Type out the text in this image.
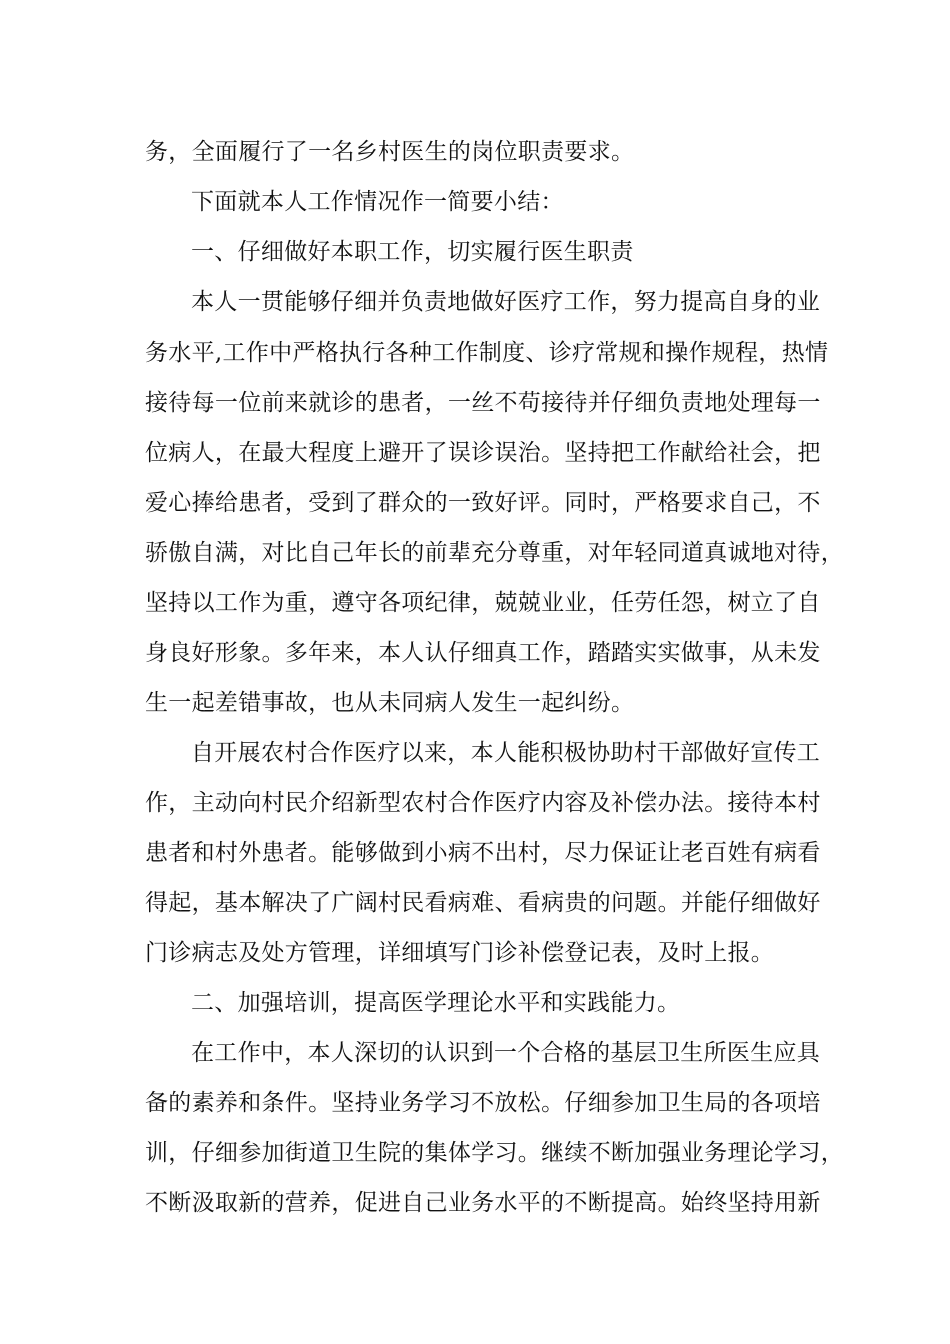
务，全面履行了一名乡村医生的岗位职责要求。
下面就本人工作情况作一简要小结：
一、仔细做好本职工作，切实履行医生职责
本人一贯能够仔细并负责地做好医疗工作，努力提高自身的业
务水平,工作中严格执行各种工作制度、诊疗常规和操作规程，热情
接待每一位前来就诊的患者，一丝不苟接待并仔细负责地处理每一
位病人，在最大程度上避开了误诊误治。坚持把工作献给社会，把
爱心捧给患者，受到了群众的一致好评。同时，严格要求自己，不
骄傲自满，对比自己年长的前辈充分尊重，对年轻同道真诚地对待，
坚持以工作为重，遵守各项纪律，兢兢业业，任劳任怨，树立了自
身良好形象。多年来，本人认仔细真工作，踏踏实实做事，从未发
生一起差错事故，也从未同病人发生一起纠纷。
自开展农村合作医疗以来，本人能积极协助村干部做好宣传工
作，主动向村民介绍新型农村合作医疗内容及补偿办法。接待本村
患者和村外患者。能够做到小病不出村，尽力保证让老百姓有病看
得起，基本解决了广阔村民看病难、看病贵的问题。并能仔细做好
门诊病志及处方管理，详细填写门诊补偿登记表，及时上报。
二、加强培训，提高医学理论水平和实践能力。
在工作中，本人深切的认识到一个合格的基层卫生所医生应具
备的素养和条件。坚持业务学习不放松。仔细参加卫生局的各项培
训，仔细参加街道卫生院的集体学习。继续不断加强业务理论学习，
不断汲取新的营养，促进自己业务水平的不断提高。始终坚持用新
